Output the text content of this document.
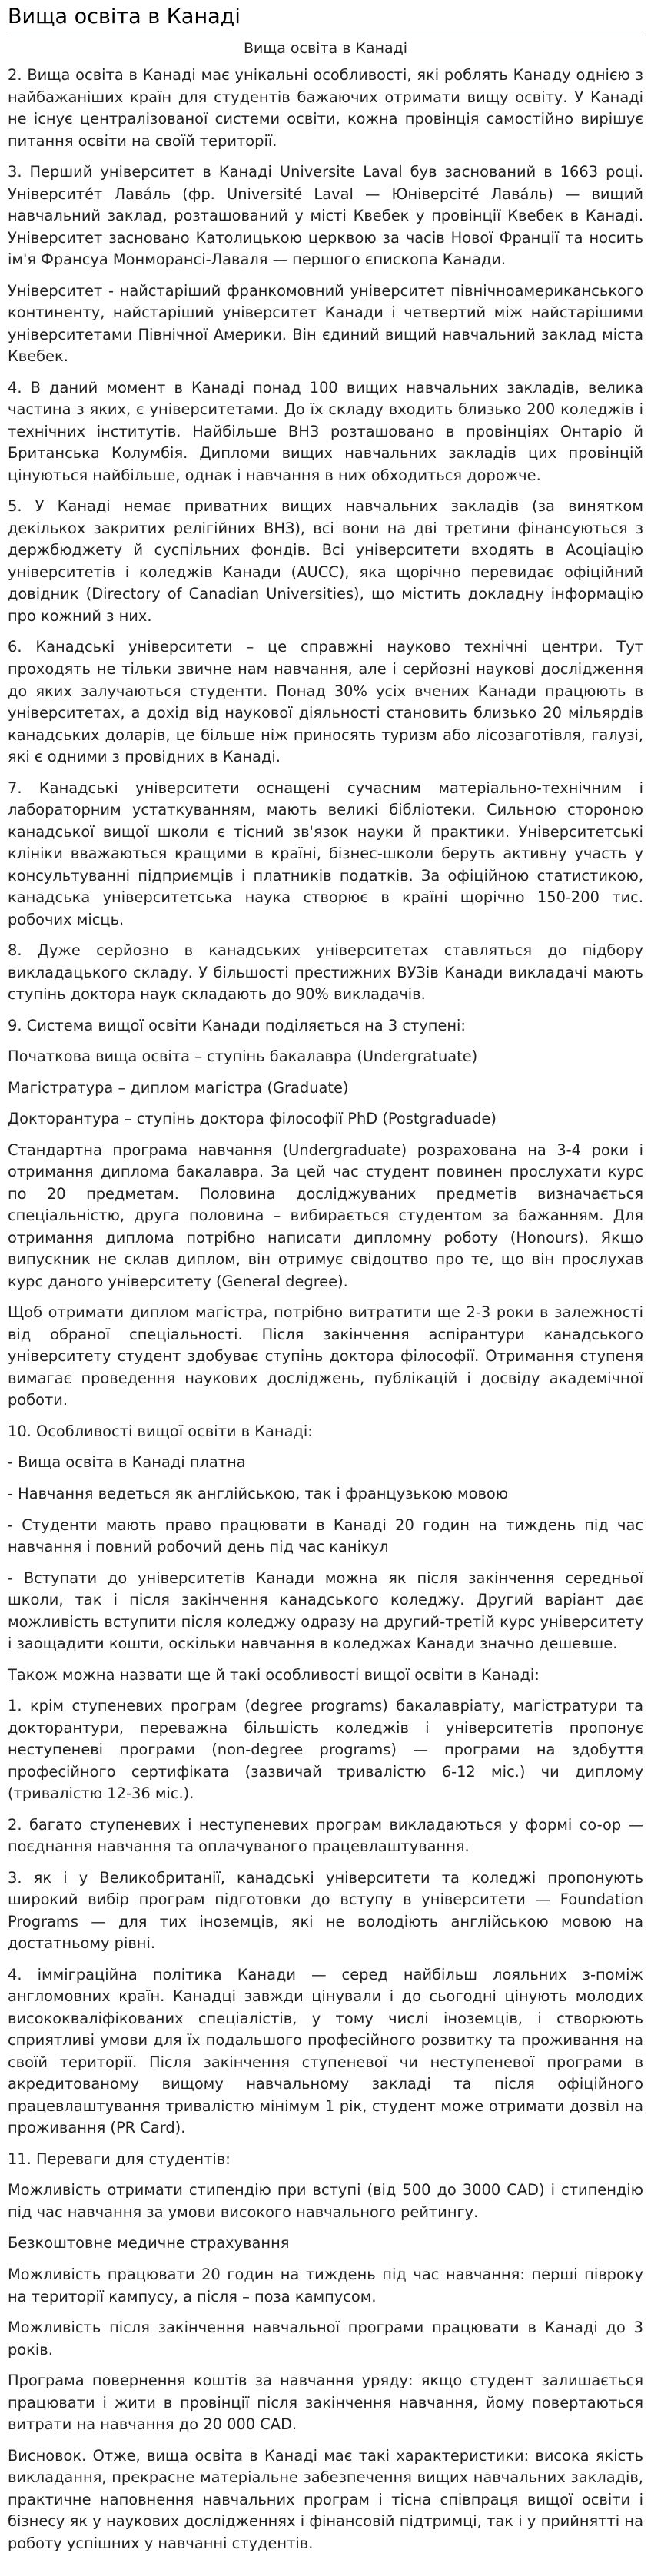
Вища освіта в Канаді
Вища освіта в Канаді

2. Вища освіта в Канаді має унікальні особливості, які роблять Канаду однією з найбажаніших країн для студентів бажаючих отримати вищу освіту. У Канаді не існує централізованої системи освіти, кожна провінція самостійно вирішує питання освіти на своїй території.

3. Перший університет в Канаді Universite Laval був заснований в 1663 році. Університе́т Лава́ль (фр. Université Laval — Юніверсіте́ Лава́ль) — вищий навчальний заклад, розташований у місті Квебек у провінції Квебек в Канаді. Університет засновано Католицькою церквою за часів Нової Франції та носить ім'я Франсуа Монморансі-Лаваля — першого єпископа Канади.

Університет - найстаріший франкомовний університет північноамериканського континенту, найстаріший університет Канади і четвертий між найстарішими університетами Північної Америки. Він єдиний вищий навчальний заклад міста Квебек.

4. В даний момент в Канаді понад 100 вищих навчальних закладів, велика частина з яких, є університетами. До їх складу входить близько 200 коледжів і технічних інститутів. Найбільше ВНЗ розташовано в провінціях Онтаріо й Британська Колумбія. Дипломи вищих навчальних закладів цих провінцій цінуються найбільше, однак і навчання в них обходиться дорожче.

5. У Канаді немає приватних вищих навчальних закладів (за винятком декількох закритих релігійних ВНЗ), всі вони на дві третини фінансуються з держбюджету й суспільних фондів. Всі університети входять в Асоціацію університетів і коледжів Канади (AUCC), яка щорічно перевидає офіційний довідник (Directory of Canadian Universities), що містить докладну інформацію про кожний з них.

6. Канадські університети – це справжні науково технічні центри. Тут проходять не тільки звичне нам навчання, але і серйозні наукові дослідження до яких залучаються студенти. Понад 30% усіх вчених Канади працюють в університетах, а дохід від наукової діяльності становить близько 20 мільярдів канадських доларів, це більше ніж приносять туризм або лісозаготівля, галузі, які є одними з провідних в Канаді.

7. Канадські університети оснащені сучасним матеріально-технічним і лабораторним устаткуванням, мають великі бібліотеки. Сильною стороною канадської вищої школи є тісний зв'язок науки й практики. Університетські клініки вважаються кращими в країні, бізнес-школи беруть активну участь у консультуванні підприємців і платників податків. За офіційною статистикою, канадська університетська наука створює в країні щорічно 150-200 тис. робочих місць.

8. Дуже серйозно в канадських університетах ставляться до підбору викладацького складу. У більшості престижних ВУЗів Канади викладачі мають ступінь доктора наук складають до 90% викладачів.

9. Система вищої освіти Канади поділяється на 3 ступені:

Початкова вища освіта – ступінь бакалавра (Undergratuate)

Магістратура – диплом магістра (Graduate)

Докторантура – ступінь доктора філософії PhD (Postgraduade)

Стандартна програма навчання (Undergraduate) розрахована на 3-4 роки і отримання диплома бакалавра. За цей час студент повинен прослухати курс по 20 предметам. Половина досліджуваних предметів визначається спеціальністю, друга половина – вибирається студентом за бажанням. Для отримання диплома потрібно написати дипломну роботу (Honours). Якщо випускник не склав диплом, він отримує свідоцтво про те, що він прослухав курс даного університету (General degree).

Щоб отримати диплом магістра, потрібно витратити ще 2-3 роки в залежності від обраної спеціальності. Після закінчення аспірантури канадського університету студент здобуває ступінь доктора філософії. Отримання ступеня вимагає проведення наукових досліджень, публікацій і досвіду академічної роботи.

10. Особливості вищої освіти в Канаді:

- Вища освіта в Канаді платна

- Навчання ведеться як англійською, так і французькою мовою

- Студенти мають право працювати в Канаді 20 годин на тиждень під час навчання і повний робочий день під час канікул

- Вступати до університетів Канади можна як після закінчення середньої школи, так і після закінчення канадського коледжу. Другий варіант дає можливість вступити після коледжу одразу на другий-третій курс університету і заощадити кошти, оскільки навчання в коледжах Канади значно дешевше.

Також можна назвати ще й такі особливості вищої освіти в Канаді:

1. крім ступеневих програм (degree programs) бакалавріату, магістратури та докторантури, переважна більшість коледжів і університетів пропонує неступеневі програми (non-degree programs) — програми на здобуття професійного сертифіката (зазвичай тривалістю 6-12 міс.) чи диплому (тривалістю 12-36 міс.).

2. багато ступеневих і неступеневих програм викладаються у формі co-op — поєднання навчання та оплачуваного працевлаштування.

3. як і у Великобританії, канадські університети та коледжі пропонують широкий вибір програм підготовки до вступу в університети — Foundation Programs — для тих іноземців, які не володіють англійською мовою на достатньому рівні.

4. імміграційна політика Канади — серед найбільш лояльних з-поміж англомовних країн. Канадці завжди цінували і до сьогодні цінують молодих висококваліфікованих спеціалістів, у тому числі іноземців, і створюють сприятливі умови для їх подальшого професійного розвитку та проживання на своїй території. Після закінчення ступеневої чи неступеневої програми в акредитованому вищому навчальному закладі та після офіційного працевлаштування тривалістю мінімум 1 рік, студент може отримати дозвіл на проживання (PR Card).

11. Переваги для студентів:

Можливість отримати стипендію при вступі (від 500 до 3000 CAD) і стипендію під час навчання за умови високого навчального рейтингу.

Безкоштовне медичне страхування

Можливість працювати 20 годин на тиждень під час навчання: перші півроку на території кампусу, а після – поза кампусом.

Можливість після закінчення навчальної програми працювати в Канаді до 3 років.

Програма повернення коштів за навчання уряду: якщо студент залишається працювати і жити в провінції після закінчення навчання, йому повертаються витрати на навчання до 20 000 CAD.

Висновок. Отже, вища освіта в Канаді має такі характеристики: висока якість викладання, прекрасне матеріальне забезпечення вищих навчальних закладів, практичне наповнення навчальних програм і тісна співпраця вищої освіти і бізнесу як у наукових дослідженнях і фінансовій підтримці, так і у прийнятті на роботу успішних у навчанні студентів.
